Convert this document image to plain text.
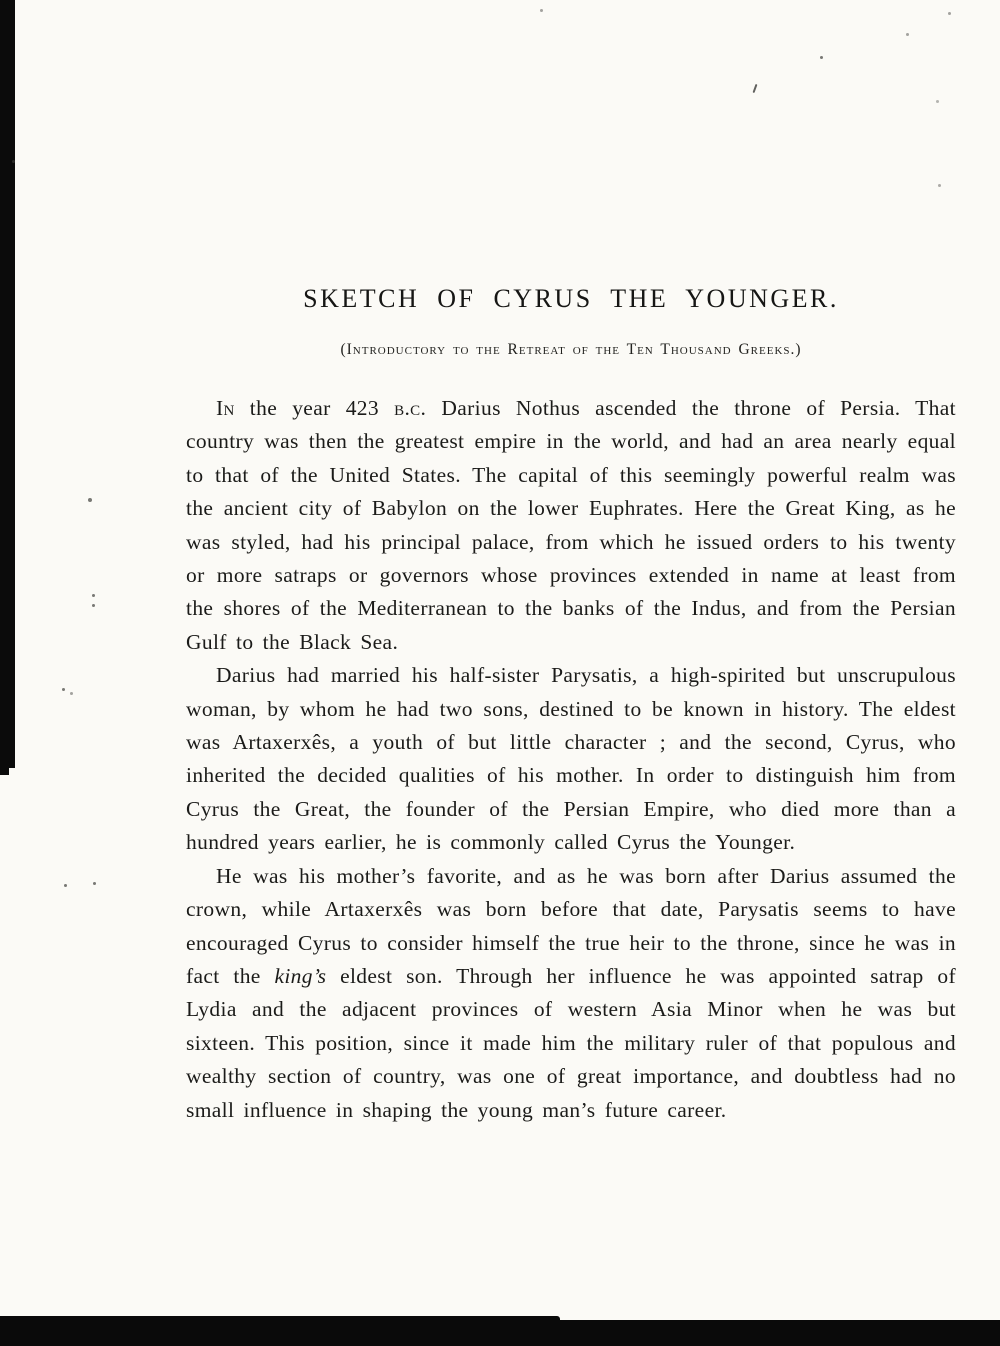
SKETCH OF CYRUS THE YOUNGER.
(Introductory to the Retreat of the Ten Thousand Greeks.)

In the year 423 b.c. Darius Nothus ascended the throne of Persia. That country was then the greatest empire in the world, and had an area nearly equal to that of the United States. The capital of this seemingly powerful realm was the ancient city of Babylon on the lower Euphrates. Here the Great King, as he was styled, had his principal palace, from which he issued orders to his twenty or more satraps or governors whose provinces extended in name at least from the shores of the Mediterranean to the banks of the Indus, and from the Persian Gulf to the Black Sea.

Darius had married his half-sister Parysatis, a high-spirited but unscrupulous woman, by whom he had two sons, destined to be known in history. The eldest was Artaxerxês, a youth of but little character ; and the second, Cyrus, who inherited the decided qualities of his mother. In order to distinguish him from Cyrus the Great, the founder of the Persian Empire, who died more than a hundred years earlier, he is commonly called Cyrus the Younger.

He was his mother’s favorite, and as he was born after Darius assumed the crown, while Artaxerxês was born before that date, Parysatis seems to have encouraged Cyrus to consider himself the true heir to the throne, since he was in fact the king’s eldest son. Through her influence he was appointed satrap of Lydia and the adjacent provinces of western Asia Minor when he was but sixteen. This position, since it made him the military ruler of that populous and wealthy section of country, was one of great importance, and doubtless had no small influence in shaping the young man’s future career.
